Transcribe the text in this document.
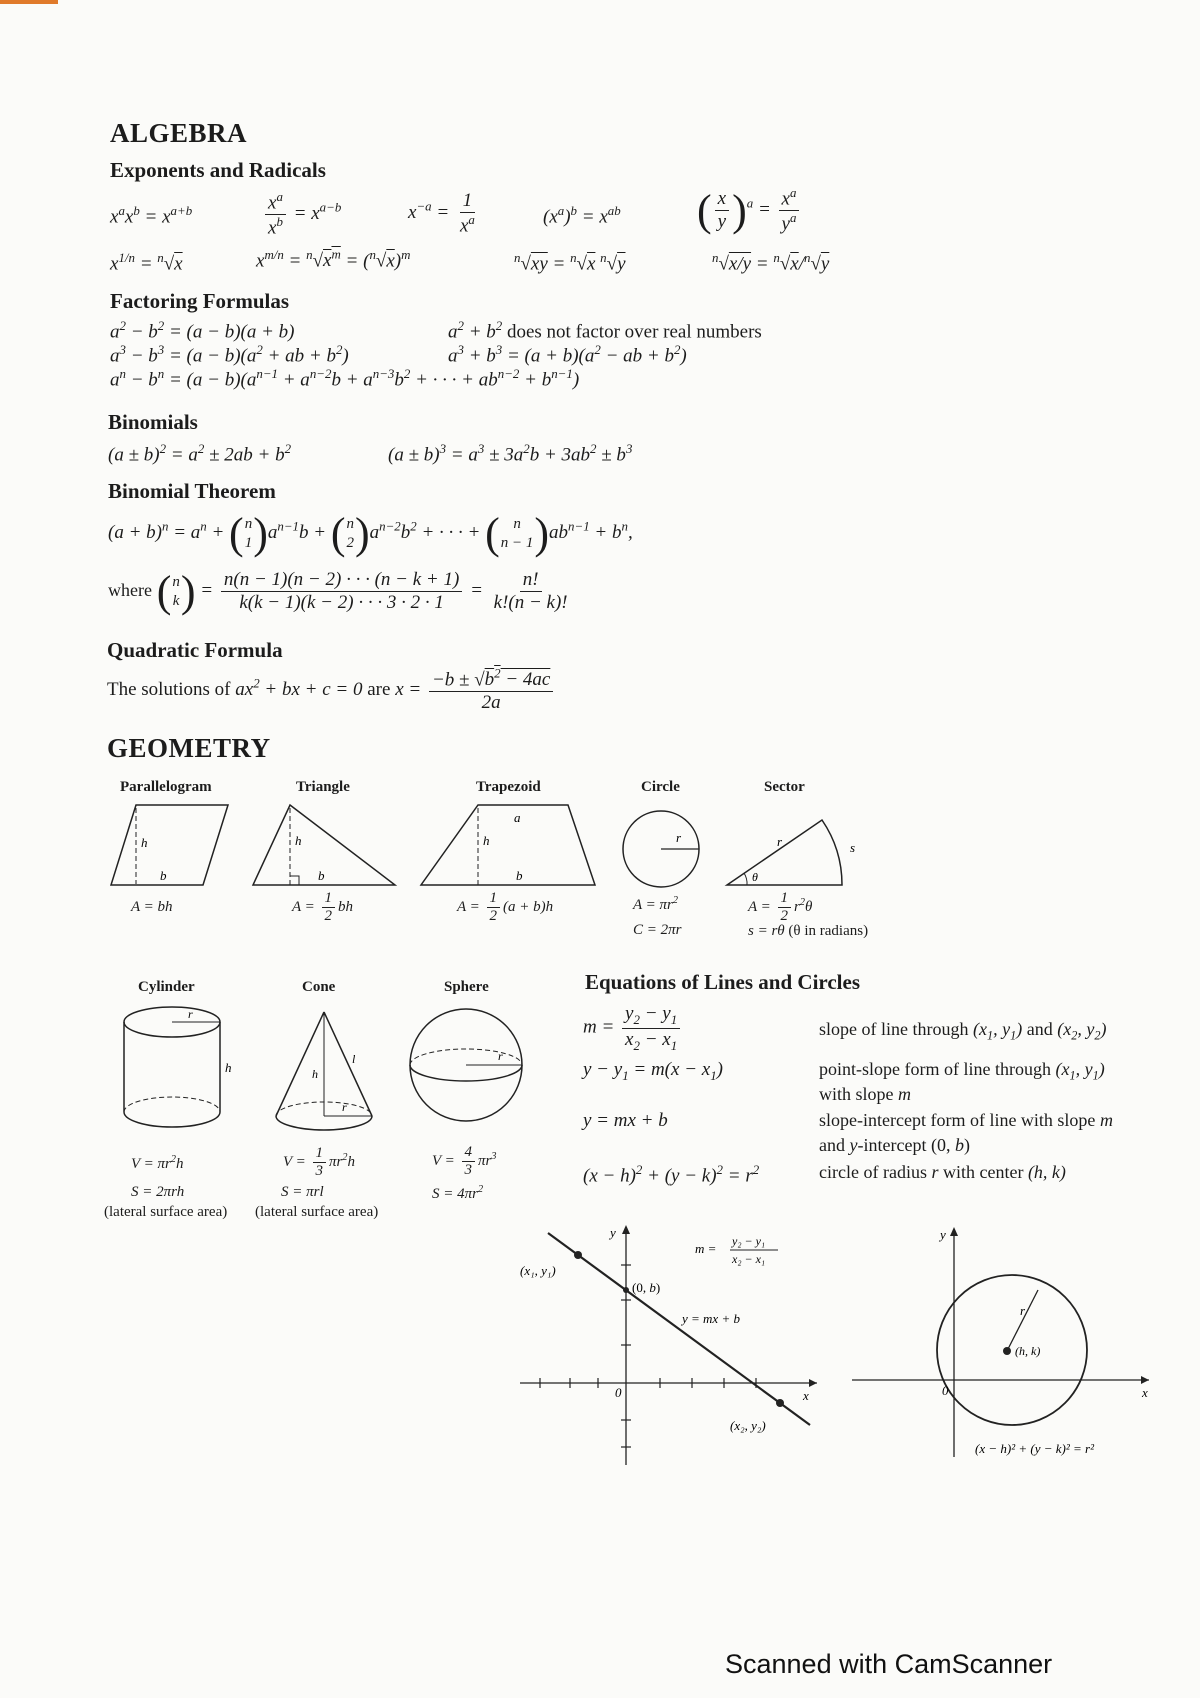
ALGEBRA
Exponents and Radicals
$x^ax^b = x^{a+b}$	$\frac{x^a}{x^b} = x^{a-b}$	$x^{-a} = \frac{1}{x^a}$	$(x^a)^b = x^{ab}$ ( $\frac{x}{y} )^a = \frac{x^a}{y^a}$
$x^{1/n} = ^n√x$	$x^{m/n} = ^n√x^m = (^n√x)^m$	$^n$√xy = $^n$√x $^n$√y	$^n$√x/y = $^n$√x/$^n$√y
Factoring Formulas
$a^2 - b^2 = (a - b)(a + b)$	$a^2 + b^2$ does not factor over real numbers
$a^3 - b^3 = (a - b)(a^2$ + ab + $b^2$)	$a^3 + b^3 = (a + b)(a^2$ − ab + $b^2$)
$a^n - b^n = (a - b)(a^{n-1} + a^{n-2}b + a^{n-3}b^2$ + · · · + $ab^{n-2} + b^{n-1}$)
Binomials
$(a \pm b)^2 = a^2 \pm 2ab + b^2$	$(a \pm b)^3 = a^3 \pm 3a^2b + 3ab^2 \pm b^3$
Binomial Theorem
$(a + b)^n = a^n$ + ( n
1 )$a^{n-1}b$ + ( n
2 )$a^{n-2}b^2$ + · · · + ( n
n − 1 )$ab^{n-1} + b^n$,
where ( n
k ) = $\frac{n(n - 1)(n - 2) \cdot \cdot \cdot (n - k + 1)}{k(k - 1)(k - 2) \cdot \cdot \cdot 3 \cdot 2 \cdot 1} = \frac{n!}{k!(n - k)!}$
Quadratic Formula
The solutions of $ax^2$ + bx + c = 0 are $x = \frac{-b \pm √b^2 - 4ac}{2a}$
GEOMETRY
Parallelogram	Triangle	Trapezoid	Circle	Sector
h
b
A = bh
h
b
$A = \frac{1}{2}$ bh
h
a
b
$A = \frac{1}{2} (a + b)h$
r
$A = \pi r^2$
C = 2πr
θ
r	s
$A = \frac{1}{2} r^2\theta$
s = rθ (θ in radians)
Cylinder	Cone	Sphere
r
h
$V = \pi r^2h$
S = 2πrh
(lateral surface area)
h
l
r
$V = \frac{1}{3} \pi r^2h$
S = πrl
(lateral surface area)
r
$V = \frac{4}{3} \pi r^3$
$S = 4\pi r^2$
Equations of Lines and Circles
$m = \frac{y_2 - y_1}{x_2 - x_1}$	slope of line through ($x_1$, $y_1$) and ($x_2$, $y_2$)
$y - y_1 = m(x - x_1)$	point-slope form of line through ($x_1$, $y_1$)
with slope m
y = mx + b	slope-intercept form of line with slope m
and y-intercept (0, b)
$(x - h)^2 + (y - k)^2 = r^2$	circle of radius r with center (h, k)
(x₁, y₁)
(0, b)
y = mx + b
(x₂, y₂)
0	x
y
m = y₂ − y₁
x₂ − x₁
r
(h, k)
0	x
y
(x − h)² + (y − k)² = r²
Scanned with CamScanner
